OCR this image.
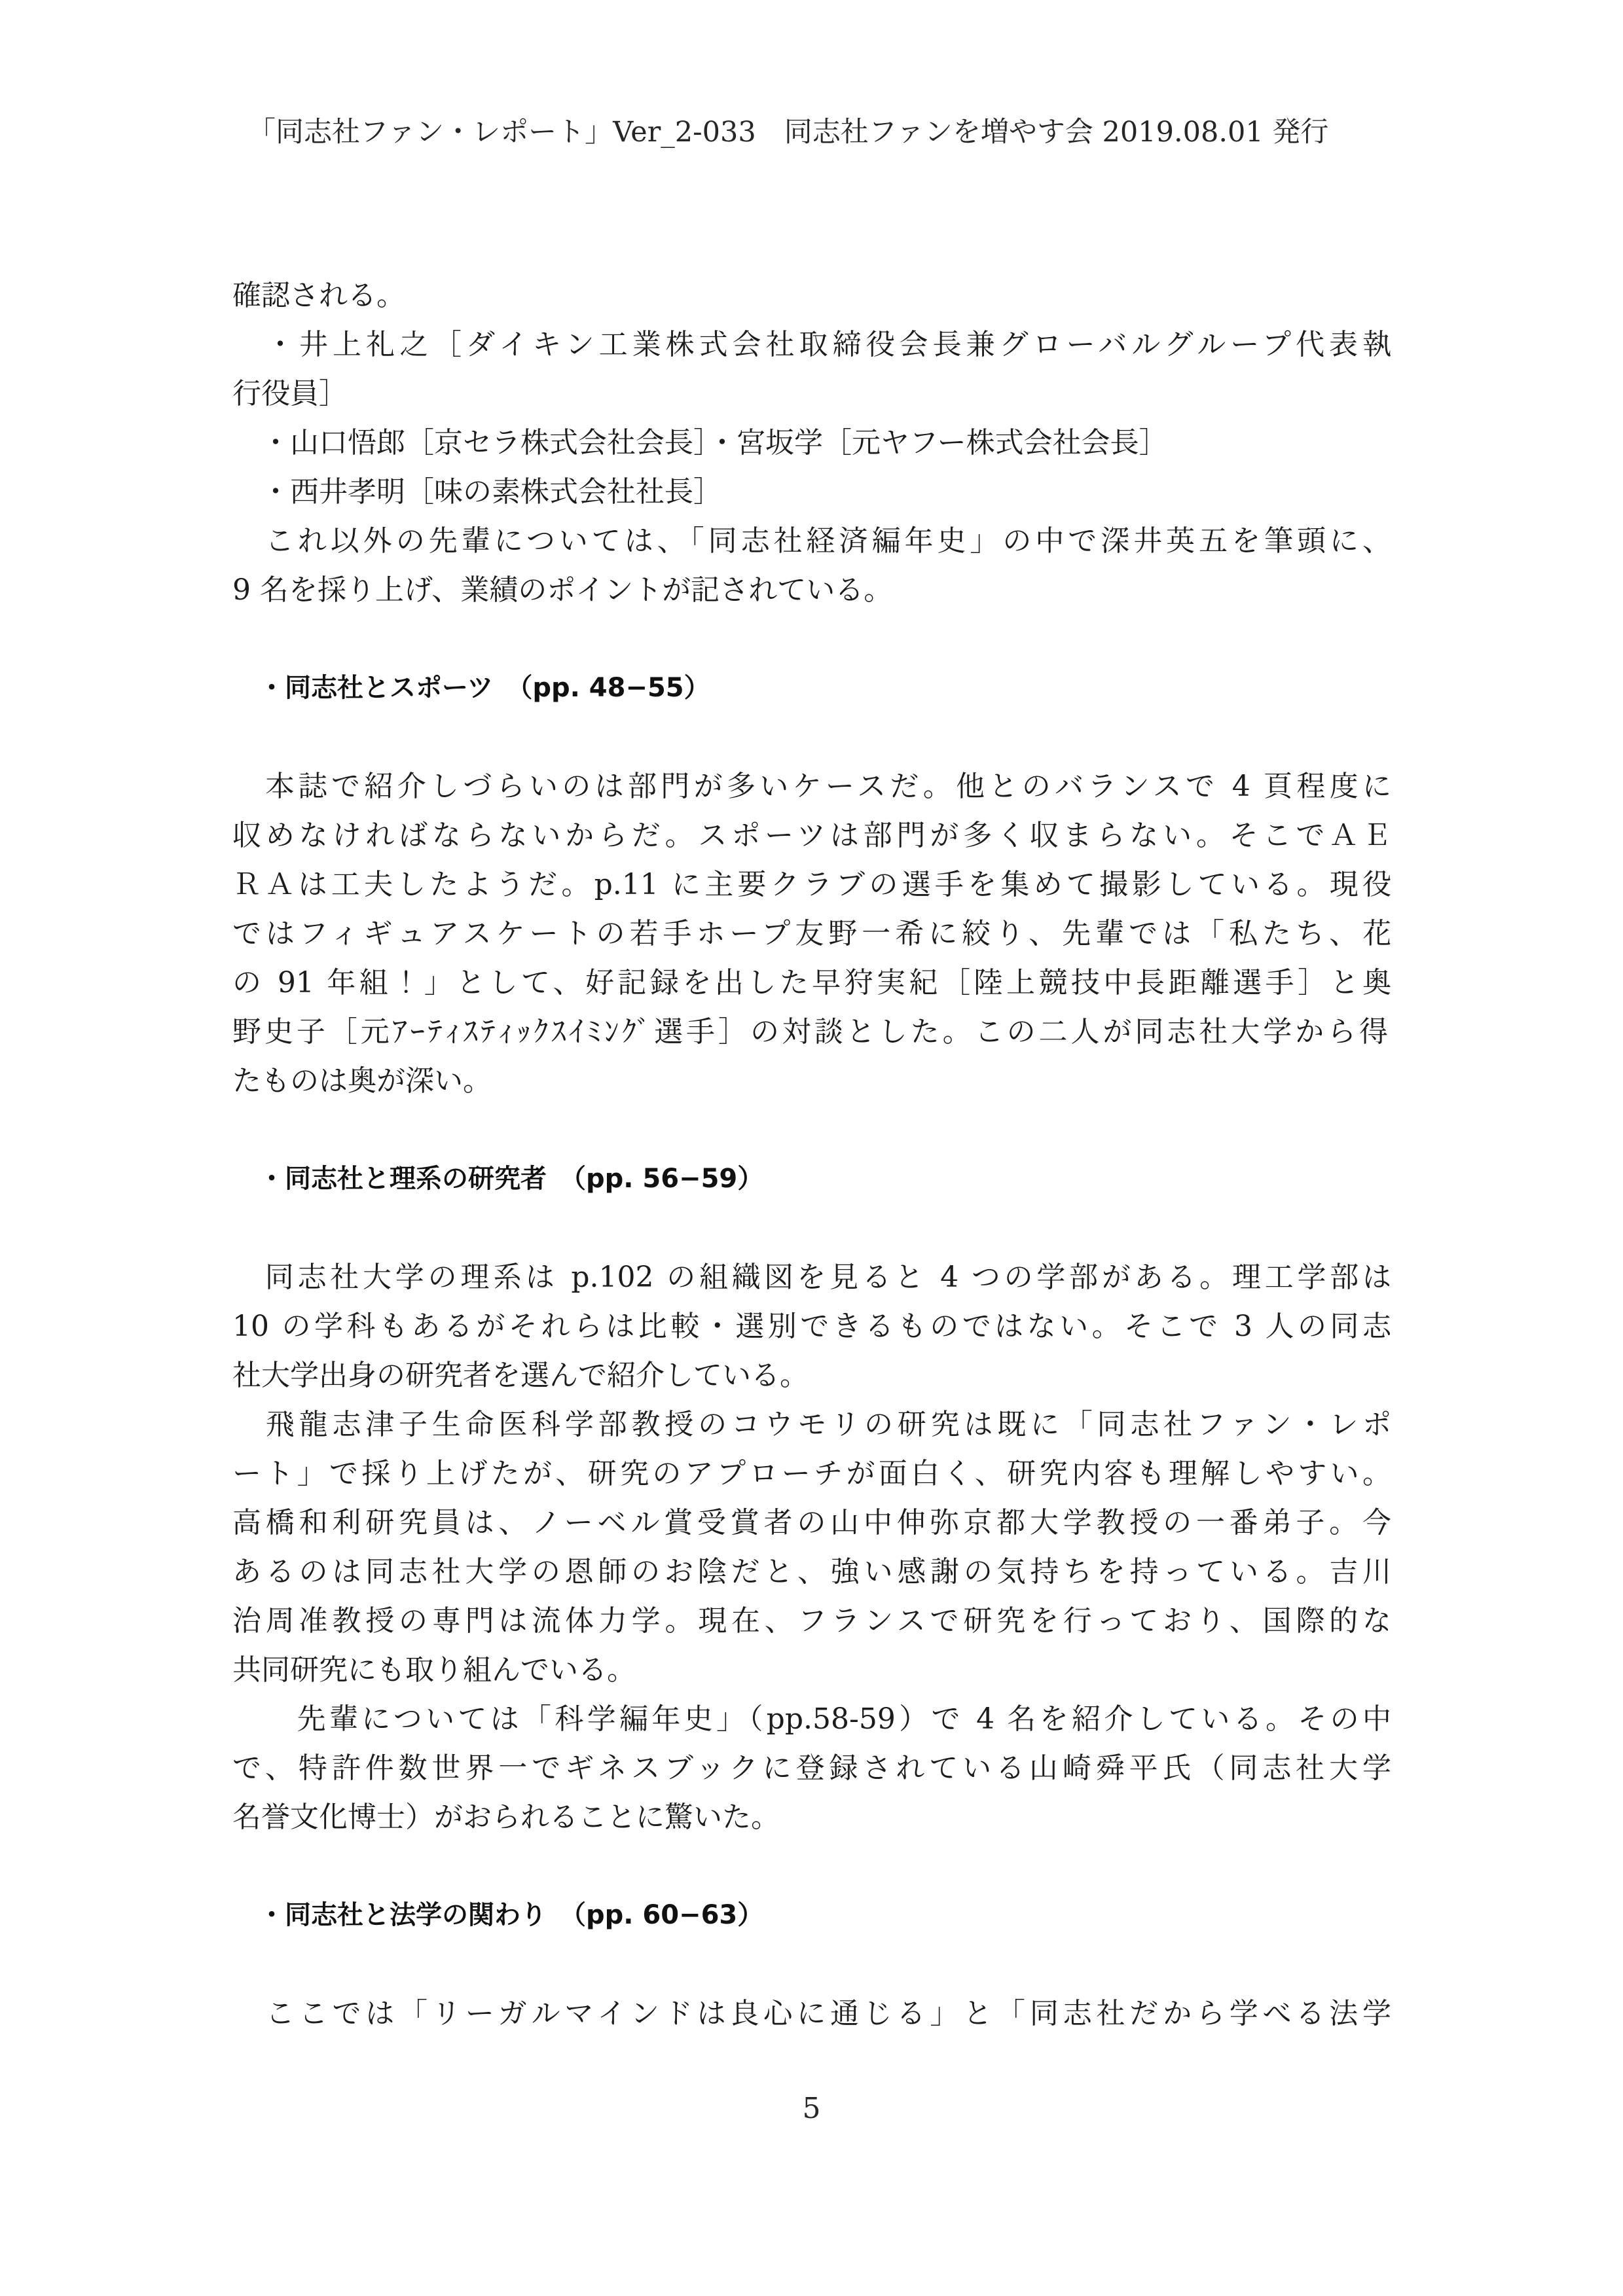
「同志社ファン・レポート」Ver_2-033　同志社ファンを増やす会 2019.08.01 発行
確認される。
　・井上礼之［ダイキン工業株式会社取締役会長兼グローバルグループ代表執
行役員］
　・山口悟郎［京セラ株式会社会長］・宮坂学［元ヤフー株式会社会長］
　・西井孝明［味の素株式会社社長］
　これ以外の先輩については、「同志社経済編年史」の中で深井英五を筆頭に、
9 名を採り上げ、業績のポイントが記されている。
　・同志社とスポーツ　（pp. 48−55）
　本誌で紹介しづらいのは部門が多いケースだ。他とのバランスで 4 頁程度に
収めなければならないからだ。スポーツは部門が多く収まらない。そこでＡＥ
ＲＡは工夫したようだ。p.11 に主要クラブの選手を集めて撮影している。現役
ではフィギュアスケートの若手ホープ友野一希に絞り、先輩では「私たち、花
の 91 年組！」として、好記録を出した早狩実紀［陸上競技中長距離選手］と奥
野史子［元ｱｰﾃｨｽﾃｨｯｸｽｲﾐﾝｸﾞ選手］の対談とした。この二人が同志社大学から得
たものは奥が深い。
　・同志社と理系の研究者　（pp. 56−59）
　同志社大学の理系は p.102 の組織図を見ると 4 つの学部がある。理工学部は
10 の学科もあるがそれらは比較・選別できるものではない。そこで 3 人の同志
社大学出身の研究者を選んで紹介している。
　飛龍志津子生命医科学部教授のコウモリの研究は既に「同志社ファン・レポ
ート」で採り上げたが、研究のアプローチが面白く、研究内容も理解しやすい。
高橋和利研究員は、ノーベル賞受賞者の山中伸弥京都大学教授の一番弟子。今
あるのは同志社大学の恩師のお陰だと、強い感謝の気持ちを持っている。吉川
治周准教授の専門は流体力学。現在、フランスで研究を行っており、国際的な
共同研究にも取り組んでいる。
　　先輩については「科学編年史」（pp.58-59）で 4 名を紹介している。その中
で、特許件数世界一でギネスブックに登録されている山崎舜平氏（同志社大学
名誉文化博士）がおられることに驚いた。
　・同志社と法学の関わり　（pp. 60−63）
　ここでは「リーガルマインドは良心に通じる」と「同志社だから学べる法学
5
